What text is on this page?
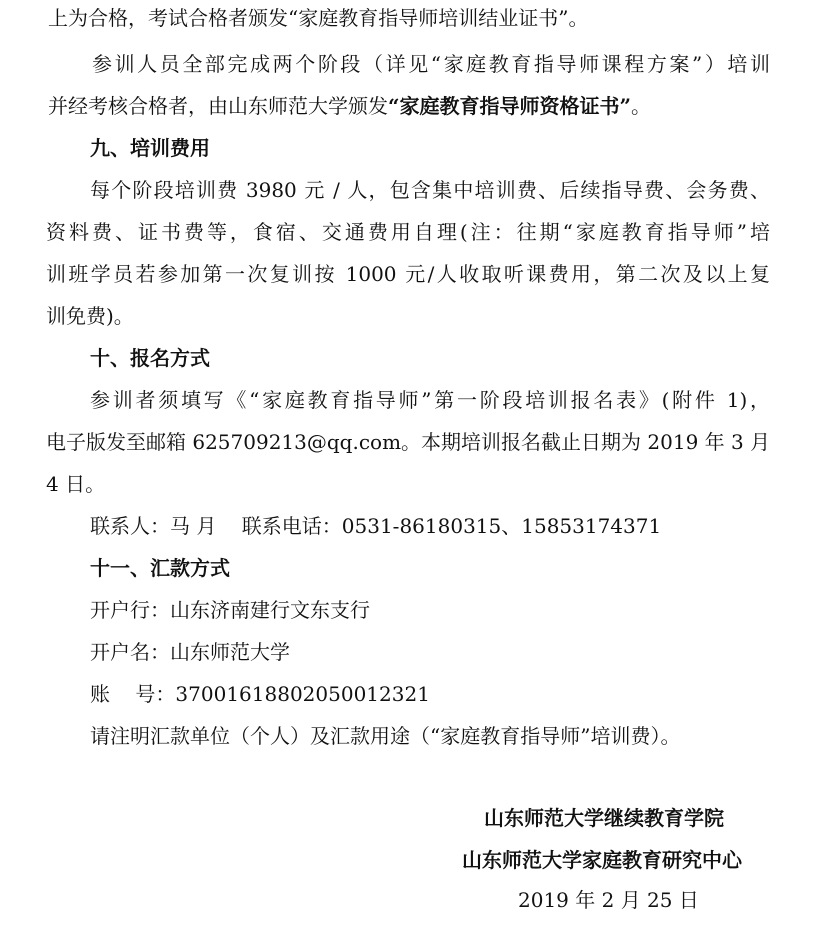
上为合格，考试合格者颁发“家庭教育指导师培训结业证书”。
参训人员全部完成两个阶段（详见“家庭教育指导师课程方案”）培训
并经考核合格者，由山东师范大学颁发“家庭教育指导师资格证书”。
九、培训费用
每个阶段培训费 3980 元 / 人，包含集中培训费、后续指导费、会务费、
资料费、证书费等，食宿、交通费用自理(注：往期“家庭教育指导师”培
训班学员若参加第一次复训按 1000 元/人收取听课费用，第二次及以上复
训免费)。
十、报名方式
参训者须填写《“家庭教育指导师”第一阶段培训报名表》(附件 1)，
电子版发至邮箱 625709213@qq.com。本期培训报名截止日期为 2019 年 3 月
4 日。
联系人：马 月    联系电话：0531-86180315、15853174371
十一、汇款方式
开户行：山东济南建行文东支行
开户名：山东师范大学
账    号：37001618802050012321
请注明汇款单位（个人）及汇款用途（“家庭教育指导师”培训费）。
山东师范大学继续教育学院
山东师范大学家庭教育研究中心
2019 年 2 月 25 日
